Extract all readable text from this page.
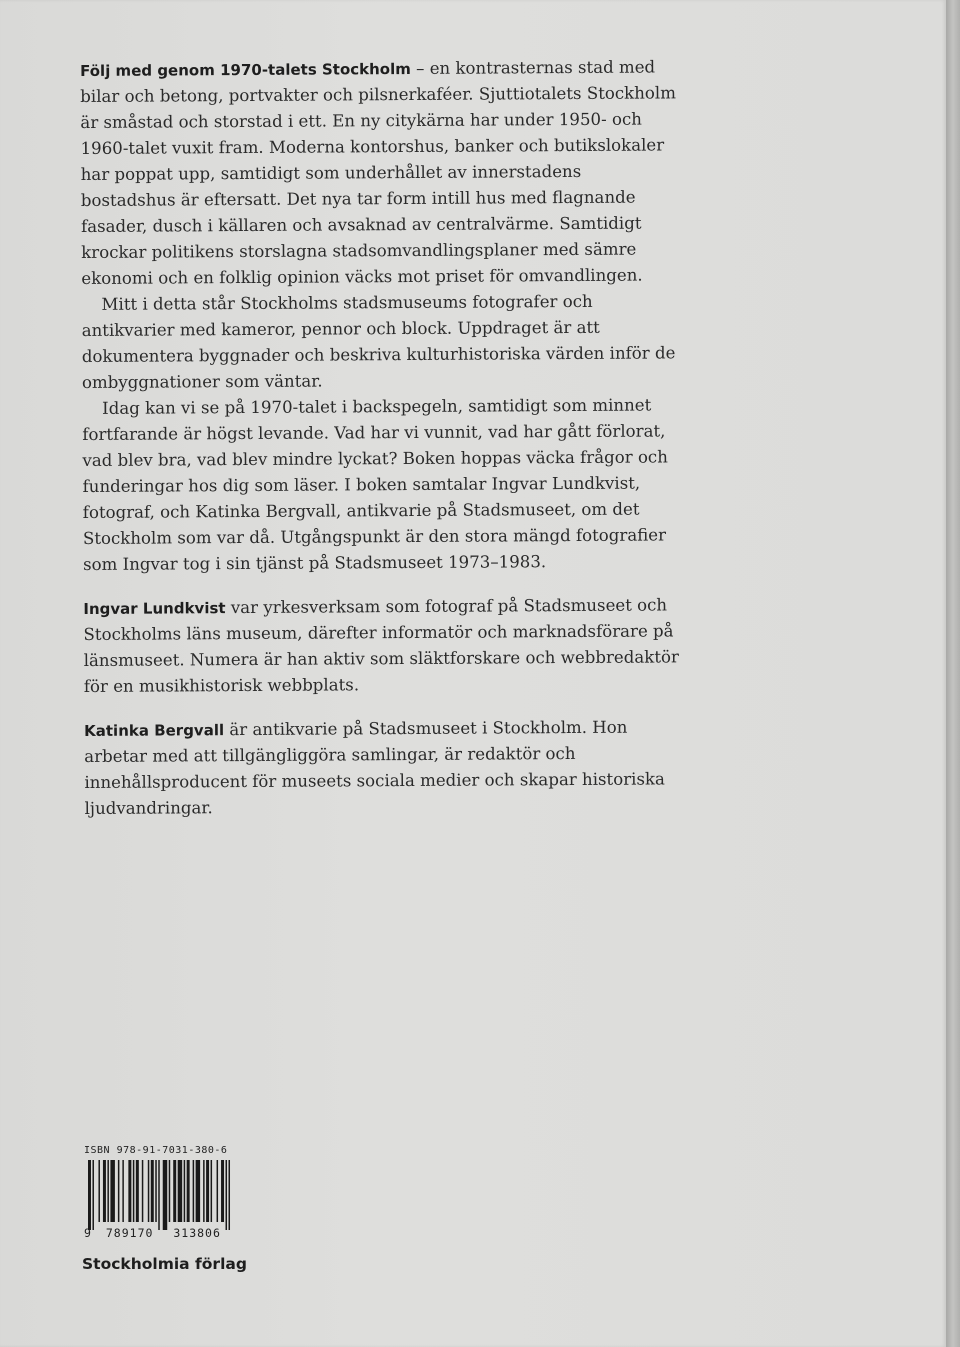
Följ med genom 1970-talets Stockholm – en kontrasternas stad med bilar och betong, portvakter och pilsnerkaféer. Sjuttiotalets Stockholm är småstad och storstad i ett. En ny citykärna har under 1950- och 1960-talet vuxit fram. Moderna kontorshus, banker och butikslokaler har poppat upp, samtidigt som underhållet av innerstadens bostadshus är eftersatt. Det nya tar form intill hus med flagnande fasader, dusch i källaren och avsaknad av centralvärme. Samtidigt krockar politikens storslagna stadsomvandlingsplaner med sämre ekonomi och en folklig opinion väcks mot priset för omvandlingen.

Mitt i detta står Stockholms stadsmuseums fotografer och antikvarier med kameror, pennor och block. Uppdraget är att dokumentera byggnader och beskriva kulturhistoriska värden inför de ombyggnationer som väntar.

Idag kan vi se på 1970-talet i backspegeln, samtidigt som minnet fortfarande är högst levande. Vad har vi vunnit, vad har gått förlorat, vad blev bra, vad blev mindre lyckat? Boken hoppas väcka frågor och funderingar hos dig som läser. I boken samtalar Ingvar Lundkvist, fotograf, och Katinka Bergvall, antikvarie på Stadsmuseet, om det Stockholm som var då. Utgångspunkt är den stora mängd fotografier som Ingvar tog i sin tjänst på Stadsmuseet 1973–1983.

Ingvar Lundkvist var yrkesverksam som fotograf på Stadsmuseet och Stockholms läns museum, därefter informatör och marknadsförare på länsmuseet. Numera är han aktiv som släktforskare och webbredaktör för en musikhistorisk webbplats.

Katinka Bergvall är antikvarie på Stadsmuseet i Stockholm. Hon arbetar med att tillgängliggöra samlingar, är redaktör och innehållsproducent för museets sociala medier och skapar historiska ljudvandringar.

ISBN 978-91-7031-380-6
9 789170 313806
Stockholmia förlag
